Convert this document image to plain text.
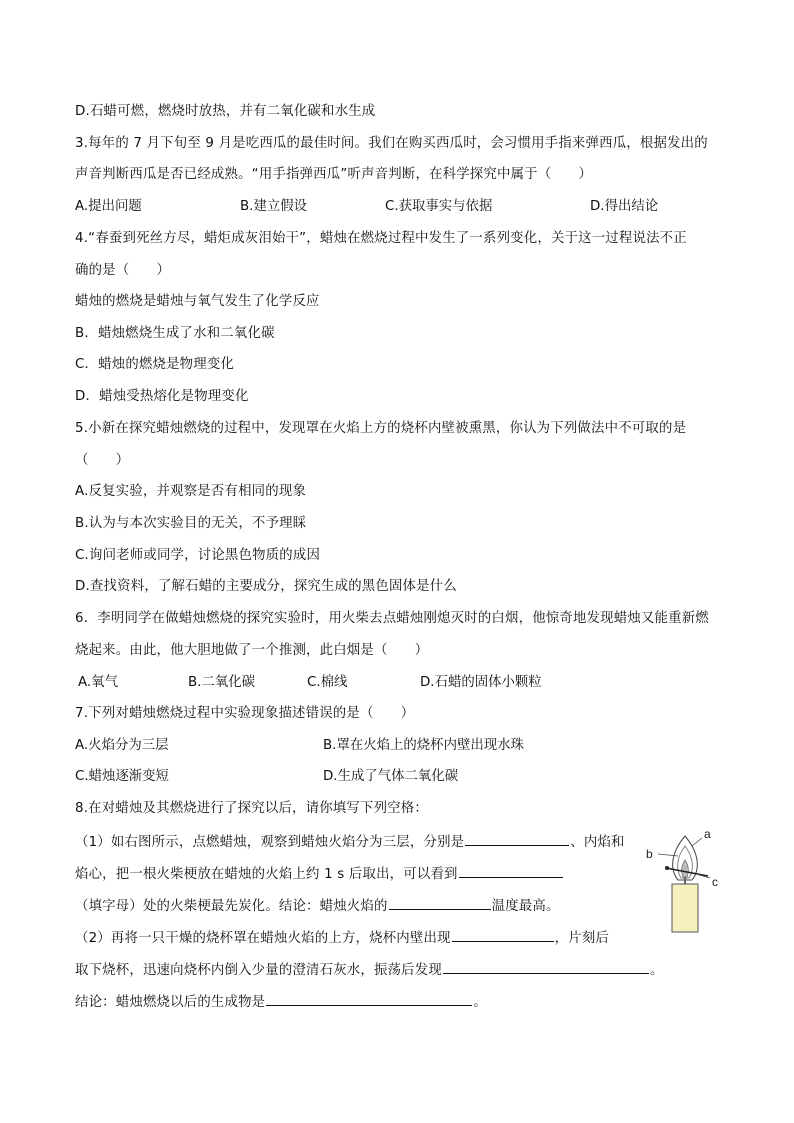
D.石蜡可燃，燃烧时放热，并有二氧化碳和水生成
3.每年的 7 月下旬至 9 月是吃西瓜的最佳时间。我们在购买西瓜时，会习惯用手指来弹西瓜，根据发出的
声音判断西瓜是否已经成熟。“用手指弹西瓜”听声音判断，在科学探究中属于（　　）
A.提出问题	B.建立假设	C.获取事实与依据	D.得出结论
4.“春蚕到死丝方尽，蜡炬成灰泪始干”，蜡烛在燃烧过程中发生了一系列变化，关于这一过程说法不正
确的是（　　）
蜡烛的燃烧是蜡烛与氧气发生了化学反应
B．蜡烛燃烧生成了水和二氧化碳
C．蜡烛的燃烧是物理变化
D．蜡烛受热熔化是物理变化
5.小新在探究蜡烛燃烧的过程中，发现罩在火焰上方的烧杯内壁被熏黑，你认为下列做法中不可取的是
（　　）
A.反复实验，并观察是否有相同的现象
B.认为与本次实验目的无关，不予理睬
C.询问老师或同学，讨论黑色物质的成因
D.查找资料，了解石蜡的主要成分，探究生成的黑色固体是什么
6．李明同学在做蜡烛燃烧的探究实验时，用火柴去点蜡烛刚熄灭时的白烟，他惊奇地发现蜡烛又能重新燃
烧起来。由此，他大胆地做了一个推测，此白烟是（　　）
A.氧气	B.二氧化碳	C.棉线	D.石蜡的固体小颗粒
7.下列对蜡烛燃烧过程中实验现象描述错误的是（　　）
A.火焰分为三层	B.罩在火焰上的烧杯内壁出现水珠
C.蜡烛逐渐变短	D.生成了气体二氧化碳
8.在对蜡烛及其燃烧进行了探究以后，请你填写下列空格：
（1）如右图所示，点燃蜡烛，观察到蜡烛火焰分为三层，分别是	、内焰和
焰心，把一根火柴梗放在蜡烛的火焰上约 1 s 后取出，可以看到
（填字母）处的火柴梗最先炭化。结论：蜡烛火焰的	温度最高。
（2）再将一只干燥的烧杯罩在蜡烛火焰的上方，烧杯内壁出现	，片刻后
取下烧杯，迅速向烧杯内倒入少量的澄清石灰水，振荡后发现	。
结论：蜡烛燃烧以后的生成物是	。
a
b
c
